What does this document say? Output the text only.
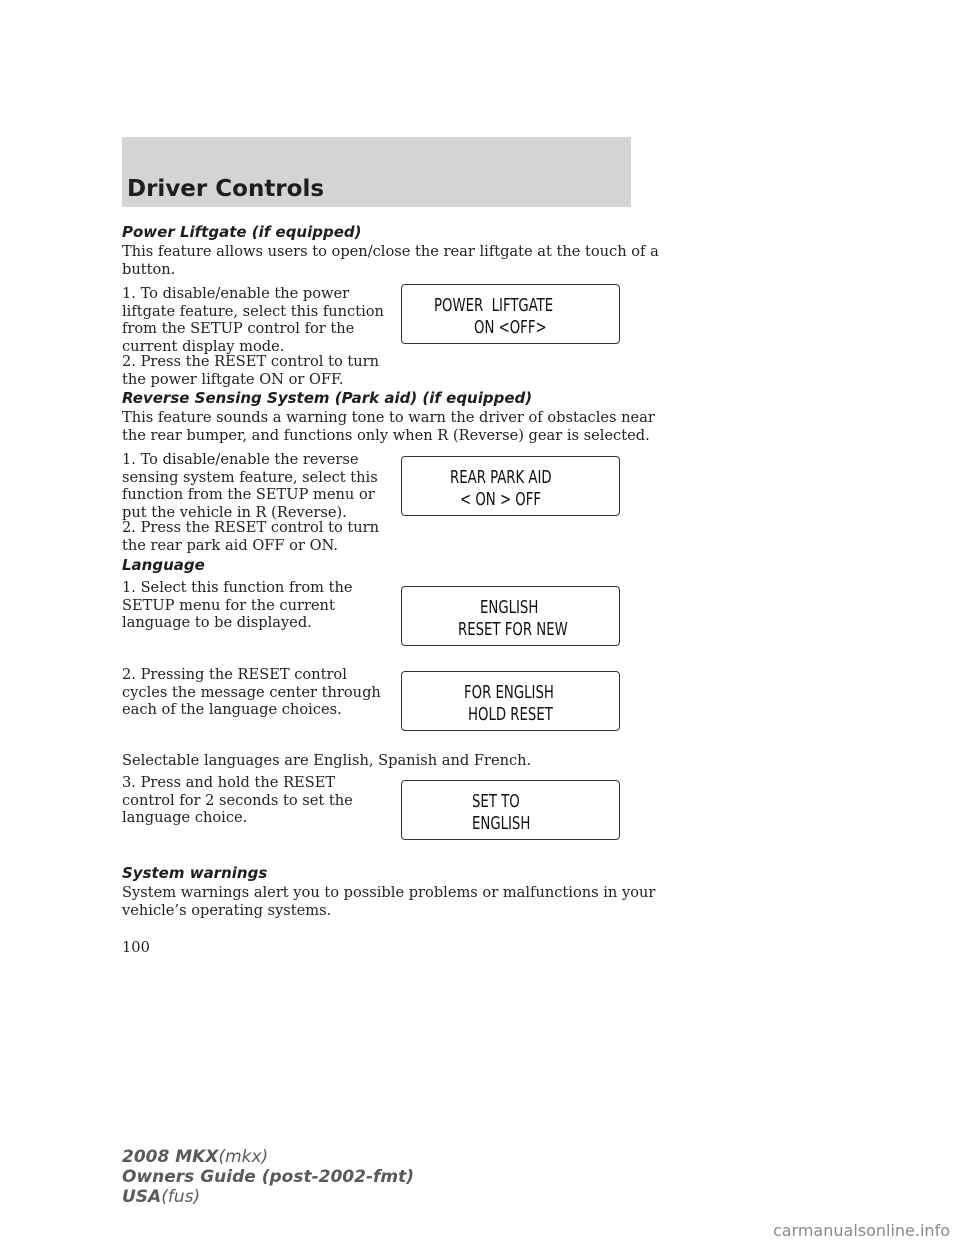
Driver Controls
Power Liftgate (if equipped)
This feature allows users to open/close the rear liftgate at the touch of a
button.
1. To disable/enable the power
liftgate feature, select this function
from the SETUP control for the
current display mode.
2. Press the RESET control to turn
the power liftgate ON or OFF.
POWER  LIFTGATE
ON <OFF>
Reverse Sensing System (Park aid) (if equipped)
This feature sounds a warning tone to warn the driver of obstacles near
the rear bumper, and functions only when R (Reverse) gear is selected.
1. To disable/enable the reverse
sensing system feature, select this
function from the SETUP menu or
put the vehicle in R (Reverse).
2. Press the RESET control to turn
the rear park aid OFF or ON.
REAR PARK AID
< ON > OFF
Language
1. Select this function from the
SETUP menu for the current
language to be displayed.
ENGLISH
RESET FOR NEW
2. Pressing the RESET control
cycles the message center through
each of the language choices.
FOR ENGLISH
HOLD RESET
Selectable languages are English, Spanish and French.
3. Press and hold the RESET
control for 2 seconds to set the
language choice.
SET TO
ENGLISH
System warnings
System warnings alert you to possible problems or malfunctions in your
vehicle’s operating systems.
100
2008 MKX(mkx)
Owners Guide (post-2002-fmt)
USA(fus)
carmanualsonline.info
